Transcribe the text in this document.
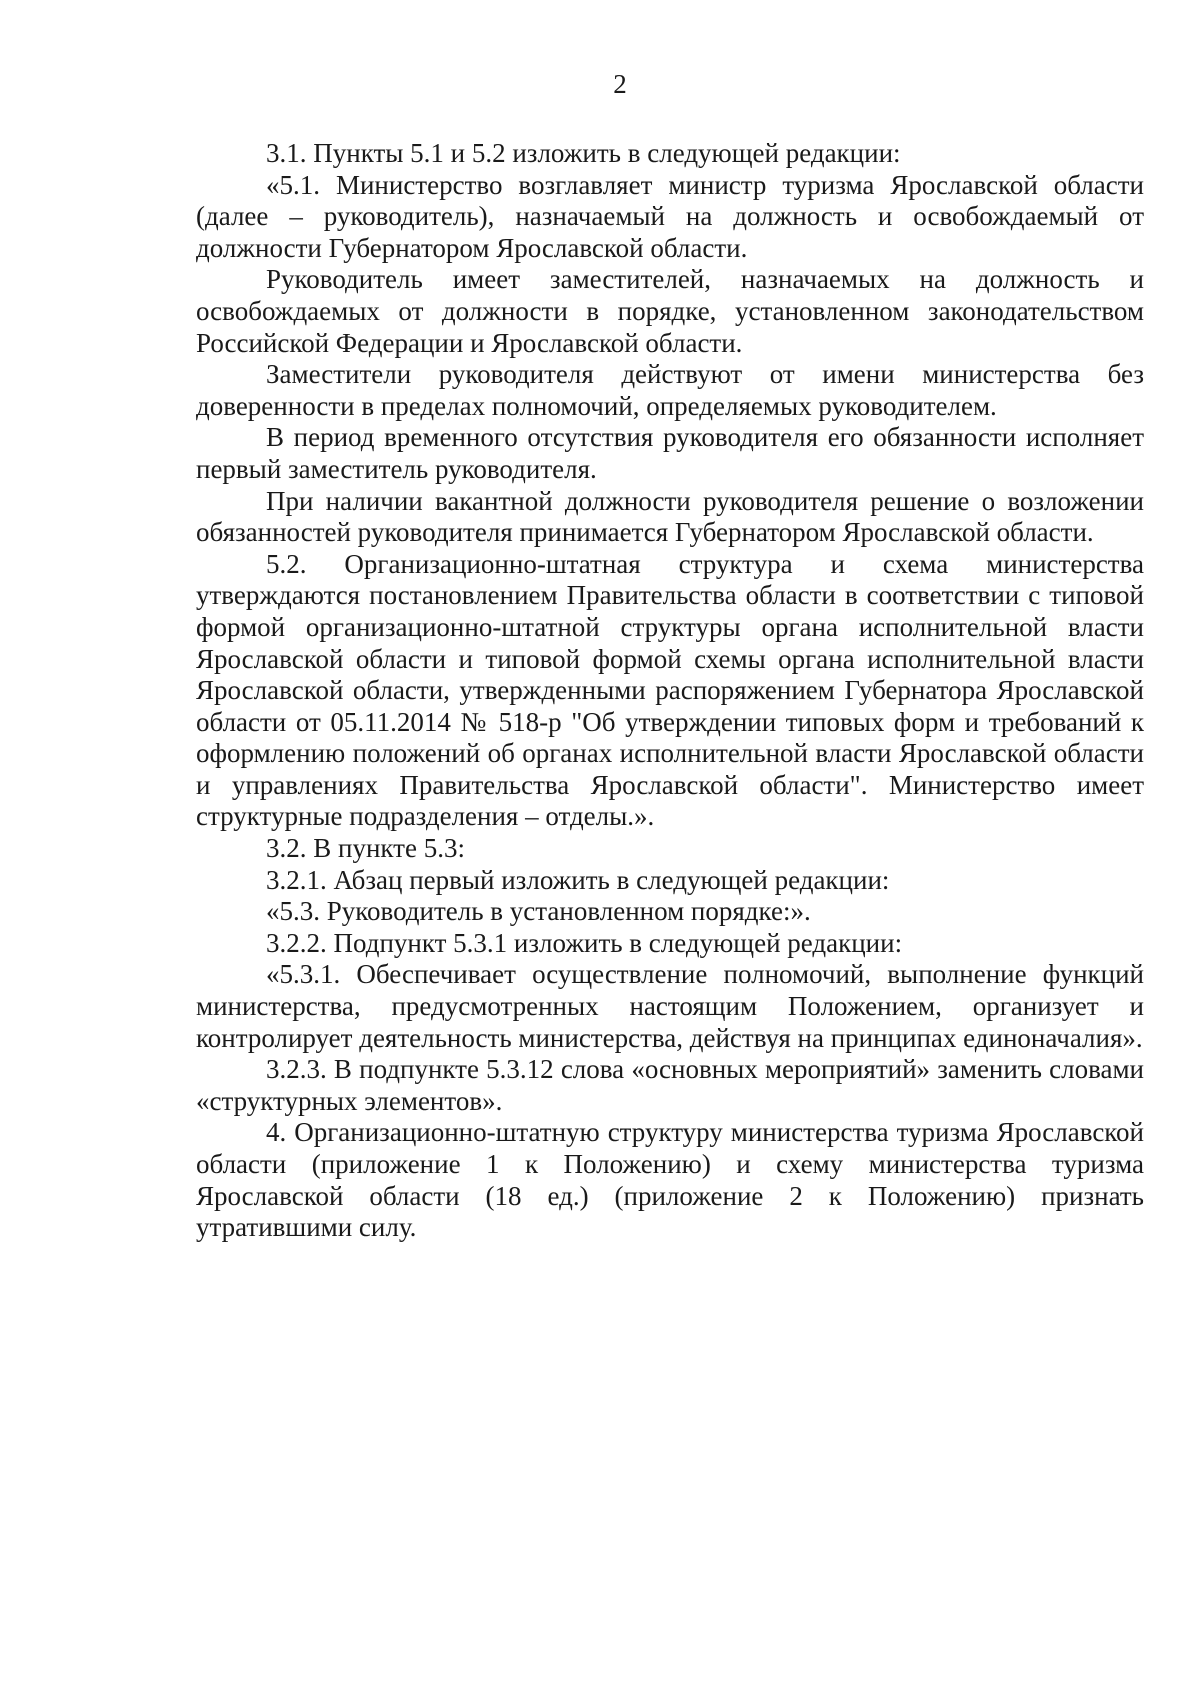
2

3.1. Пункты 5.1 и 5.2 изложить в следующей редакции:

«5.1. Министерство возглавляет министр туризма Ярославской области (далее – руководитель), назначаемый на должность и освобождаемый от должности Губернатором Ярославской области.

Руководитель имеет заместителей, назначаемых на должность и освобождаемых от должности в порядке, установленном законодательством Российской Федерации и Ярославской области.

Заместители руководителя действуют от имени министерства без доверенности в пределах полномочий, определяемых руководителем.

В период временного отсутствия руководителя его обязанности исполняет первый заместитель руководителя.

При наличии вакантной должности руководителя решение о возложении обязанностей руководителя принимается Губернатором Ярославской области.

5.2. Организационно-штатная структура и схема министерства утверждаются постановлением Правительства области в соответствии с типовой формой организационно-штатной структуры органа исполнительной власти Ярославской области и типовой формой схемы органа исполнительной власти Ярославской области, утвержденными распоряжением Губернатора Ярославской области от 05.11.2014 № 518-р "Об утверждении типовых форм и требований к оформлению положений об органах исполнительной власти Ярославской области и управлениях Правительства Ярославской области". Министерство имеет структурные подразделения – отделы.».

3.2. В пункте 5.3:

3.2.1. Абзац первый изложить в следующей редакции:

«5.3. Руководитель в установленном порядке:».

3.2.2. Подпункт 5.3.1 изложить в следующей редакции:

«5.3.1. Обеспечивает осуществление полномочий, выполнение функций министерства, предусмотренных настоящим Положением, организует и контролирует деятельность министерства, действуя на принципах единоначалия».

3.2.3. В подпункте 5.3.12 слова «основных мероприятий» заменить словами «структурных элементов».

4. Организационно-штатную структуру министерства туризма Ярославской области (приложение 1 к Положению) и схему министерства туризма Ярославской области (18 ед.) (приложение 2 к Положению) признать утратившими силу.
